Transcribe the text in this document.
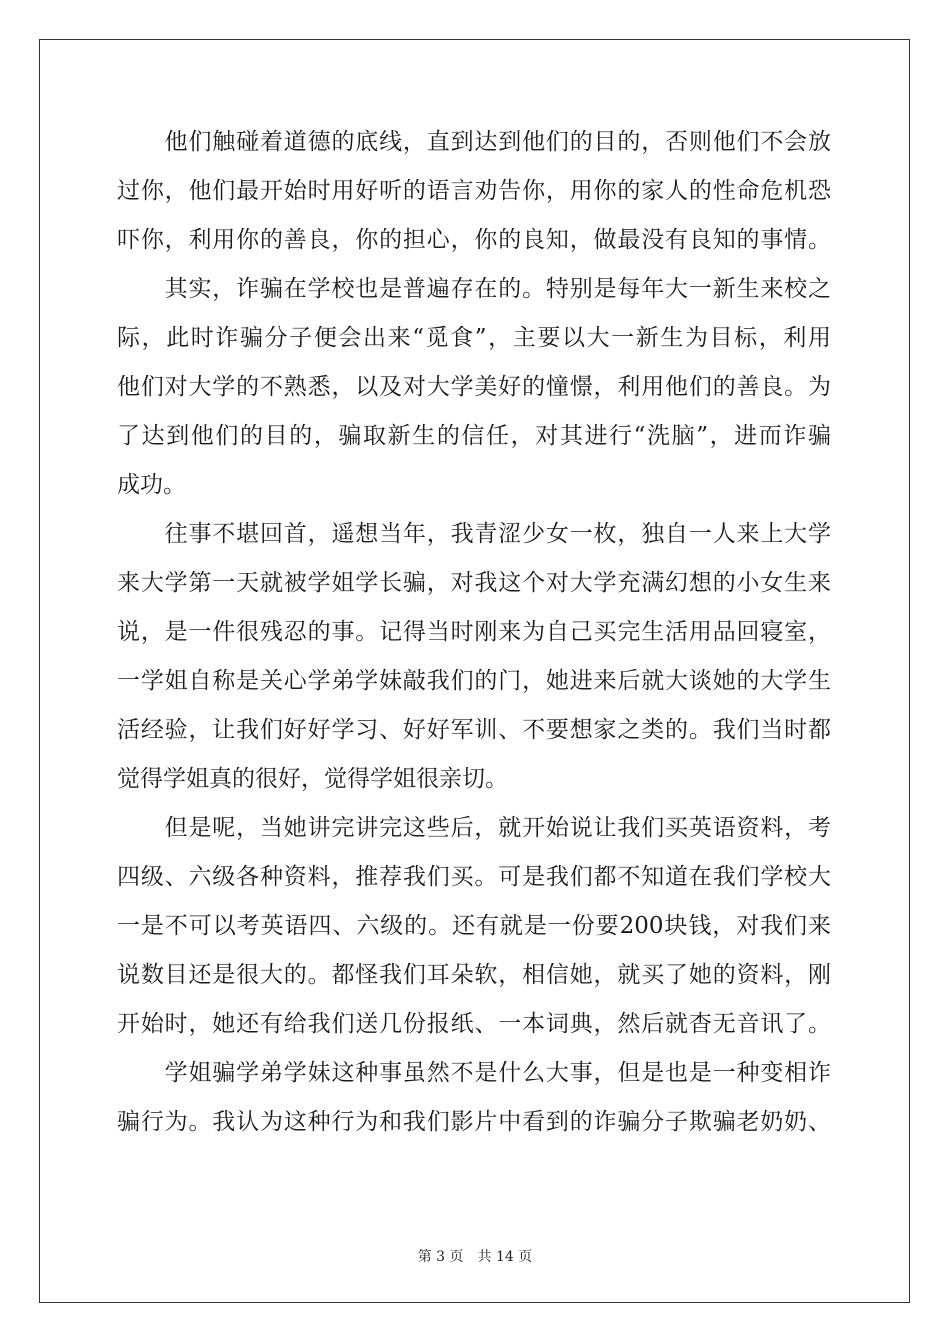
　　他们触碰着道德的底线，直到达到他们的目的，否则他们不会放
过你，他们最开始时用好听的语言劝告你，用你的家人的性命危机恐
吓你，利用你的善良，你的担心，你的良知，做最没有良知的事情。
　　其实，诈骗在学校也是普遍存在的。特别是每年大一新生来校之
际，此时诈骗分子便会出来“觅食”，主要以大一新生为目标，利用
他们对大学的不熟悉，以及对大学美好的憧憬，利用他们的善良。为
了达到他们的目的，骗取新生的信任，对其进行“洗脑”，进而诈骗
成功。
　　往事不堪回首，遥想当年，我青涩少女一枚，独自一人来上大学
来大学第一天就被学姐学长骗，对我这个对大学充满幻想的小女生来
说，是一件很残忍的事。记得当时刚来为自己买完生活用品回寝室，
一学姐自称是关心学弟学妹敲我们的门，她进来后就大谈她的大学生
活经验，让我们好好学习、好好军训、不要想家之类的。我们当时都
觉得学姐真的很好，觉得学姐很亲切。
　　但是呢，当她讲完讲完这些后，就开始说让我们买英语资料，考
四级、六级各种资料，推荐我们买。可是我们都不知道在我们学校大
一是不可以考英语四、六级的。还有就是一份要200块钱，对我们来
说数目还是很大的。都怪我们耳朵软，相信她，就买了她的资料，刚
开始时，她还有给我们送几份报纸、一本词典，然后就杳无音讯了。
　　学姐骗学弟学妹这种事虽然不是什么大事，但是也是一种变相诈
骗行为。我认为这种行为和我们影片中看到的诈骗分子欺骗老奶奶、
第 3 页 共 14 页
